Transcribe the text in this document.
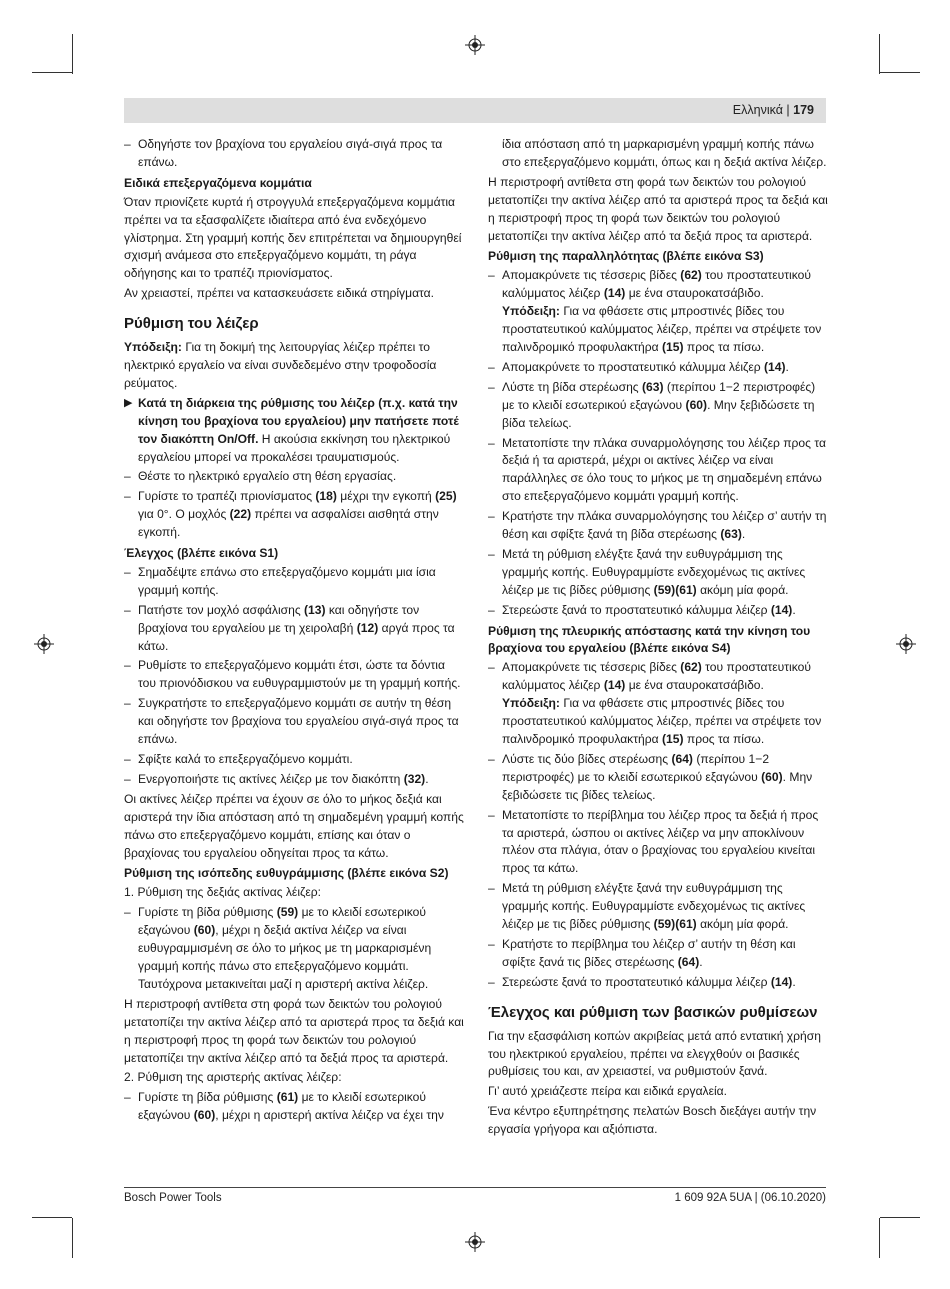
Ελληνικά | 179
– Οδηγήστε τον βραχίονα του εργαλείου σιγά-σιγά προς τα επάνω.
Ειδικά επεξεργαζόμενα κομμάτια

Όταν πριονίζετε κυρτά ή στρογγυλά επεξεργαζόμενα κομμάτια πρέπει να τα εξασφαλίζετε ιδιαίτερα από ένα ενδεχόμενο γλίστρημα. Στη γραμμή κοπής δεν επιτρέπεται να δημιουργηθεί σχισμή ανάμεσα στο επεξεργαζόμενο κομμάτι, τη ράγα οδήγησης και το τραπέζι πριονίσματος.

Αν χρειαστεί, πρέπει να κατασκευάσετε ειδικά στηρίγματα.

Ρύθμιση του λέιζερ

Υπόδειξη: Για τη δοκιμή της λειτουργίας λέιζερ πρέπει το ηλεκτρικό εργαλείο να είναι συνδεδεμένο στην τροφοδοσία ρεύματος.

▶ Κατά τη διάρκεια της ρύθμισης του λέιζερ (π.χ. κατά την κίνηση του βραχίονα του εργαλείου) μην πατήσετε ποτέ τον διακόπτη On/Off. Η ακούσια εκκίνηση του ηλεκτρικού εργαλείου μπορεί να προκαλέσει τραυματισμούς.
– Θέστε το ηλεκτρικό εργαλείο στη θέση εργασίας.
– Γυρίστε το τραπέζι πριονίσματος (18) μέχρι την εγκοπή (25) για 0°. Ο μοχλός (22) πρέπει να ασφαλίσει αισθητά στην εγκοπή.
Έλεγχος (βλέπε εικόνα S1)
– Σημαδέψτε επάνω στο επεξεργαζόμενο κομμάτι μια ίσια γραμμή κοπής.
– Πατήστε τον μοχλό ασφάλισης (13) και οδηγήστε τον βραχίονα του εργαλείου με τη χειρολαβή (12) αργά προς τα κάτω.
– Ρυθμίστε το επεξεργαζόμενο κομμάτι έτσι, ώστε τα δόντια του πριονόδισκου να ευθυγραμμιστούν με τη γραμμή κοπής.
– Συγκρατήστε το επεξεργαζόμενο κομμάτι σε αυτήν τη θέση και οδηγήστε τον βραχίονα του εργαλείου σιγά-σιγά προς τα επάνω.
– Σφίξτε καλά το επεξεργαζόμενο κομμάτι.
– Ενεργοποιήστε τις ακτίνες λέιζερ με τον διακόπτη (32).

Οι ακτίνες λέιζερ πρέπει να έχουν σε όλο το μήκος δεξιά και αριστερά την ίδια απόσταση από τη σημαδεμένη γραμμή κοπής πάνω στο επεξεργαζόμενο κομμάτι, επίσης και όταν ο βραχίονας του εργαλείου οδηγείται προς τα κάτω.

Ρύθμιση της ισόπεδης ευθυγράμμισης (βλέπε εικόνα S2)

1. Ρύθμιση της δεξιάς ακτίνας λέιζερ:

– Γυρίστε τη βίδα ρύθμισης (59) με το κλειδί εσωτερικού εξαγώνου (60), μέχρι η δεξιά ακτίνα λέιζερ να είναι ευθυγραμμισμένη σε όλο το μήκος με τη μαρκαρισμένη γραμμή κοπής πάνω στο επεξεργαζόμενο κομμάτι. Ταυτόχρονα μετακινείται μαζί η αριστερή ακτίνα λέιζερ.

Η περιστροφή αντίθετα στη φορά των δεικτών του ρολογιού μετατοπίζει την ακτίνα λέιζερ από τα αριστερά προς τα δεξιά και η περιστροφή προς τη φορά των δεικτών του ρολογιού μετατοπίζει την ακτίνα λέιζερ από τα δεξιά προς τα αριστερά.

2. Ρύθμιση της αριστερής ακτίνας λέιζερ:

– Γυρίστε τη βίδα ρύθμισης (61) με το κλειδί εσωτερικού εξαγώνου (60), μέχρι η αριστερή ακτίνα λέιζερ να έχει την

ίδια απόσταση από τη μαρκαρισμένη γραμμή κοπής πάνω στο επεξεργαζόμενο κομμάτι, όπως και η δεξιά ακτίνα λέιζερ.

Η περιστροφή αντίθετα στη φορά των δεικτών του ρολογιού μετατοπίζει την ακτίνα λέιζερ από τα αριστερά προς τα δεξιά και η περιστροφή προς τη φορά των δεικτών του ρολογιού μετατοπίζει την ακτίνα λέιζερ από τα δεξιά προς τα αριστερά.

Ρύθμιση της παραλληλότητας (βλέπε εικόνα S3)
– Απομακρύνετε τις τέσσερις βίδες (62) του προστατευτικού καλύμματος λέιζερ (14) με ένα σταυροκατσάβιδο.
Υπόδειξη: Για να φθάσετε στις μπροστινές βίδες του προστατευτικού καλύμματος λέιζερ, πρέπει να στρέψετε τον παλινδρομικό προφυλακτήρα (15) προς τα πίσω.
– Απομακρύνετε το προστατευτικό κάλυμμα λέιζερ (14).
– Λύστε τη βίδα στερέωσης (63) (περίπου 1−2 περιστροφές) με το κλειδί εσωτερικού εξαγώνου (60). Μην ξεβιδώσετε τη βίδα τελείως.
– Μετατοπίστε την πλάκα συναρμολόγησης του λέιζερ προς τα δεξιά ή τα αριστερά, μέχρι οι ακτίνες λέιζερ να είναι παράλληλες σε όλο τους το μήκος με τη σημαδεμένη επάνω στο επεξεργαζόμενο κομμάτι γραμμή κοπής.
– Κρατήστε την πλάκα συναρμολόγησης του λέιζερ σ’ αυτήν τη θέση και σφίξτε ξανά τη βίδα στερέωσης (63).
– Μετά τη ρύθμιση ελέγξτε ξανά την ευθυγράμμιση της γραμμής κοπής. Ευθυγραμμίστε ενδεχομένως τις ακτίνες λέιζερ με τις βίδες ρύθμισης (59)(61) ακόμη μία φορά.
– Στερεώστε ξανά το προστατευτικό κάλυμμα λέιζερ (14).
Ρύθμιση της πλευρικής απόστασης κατά την κίνηση του βραχίονα του εργαλείου (βλέπε εικόνα S4)
– Απομακρύνετε τις τέσσερις βίδες (62) του προστατευτικού καλύμματος λέιζερ (14) με ένα σταυροκατσάβιδο.
Υπόδειξη: Για να φθάσετε στις μπροστινές βίδες του προστατευτικού καλύμματος λέιζερ, πρέπει να στρέψετε τον παλινδρομικό προφυλακτήρα (15) προς τα πίσω.
– Λύστε τις δύο βίδες στερέωσης (64) (περίπου 1−2 περιστροφές) με το κλειδί εσωτερικού εξαγώνου (60). Μην ξεβιδώσετε τις βίδες τελείως.
– Μετατοπίστε το περίβλημα του λέιζερ προς τα δεξιά ή προς τα αριστερά, ώσπου οι ακτίνες λέιζερ να μην αποκλίνουν πλέον στα πλάγια, όταν ο βραχίονας του εργαλείου κινείται προς τα κάτω.
– Μετά τη ρύθμιση ελέγξτε ξανά την ευθυγράμμιση της γραμμής κοπής. Ευθυγραμμίστε ενδεχομένως τις ακτίνες λέιζερ με τις βίδες ρύθμισης (59)(61) ακόμη μία φορά.
– Κρατήστε το περίβλημα του λέιζερ σ’ αυτήν τη θέση και σφίξτε ξανά τις βίδες στερέωσης (64).
– Στερεώστε ξανά το προστατευτικό κάλυμμα λέιζερ (14).
Έλεγχος και ρύθμιση των βασικών ρυθμίσεων

Για την εξασφάλιση κοπών ακριβείας μετά από εντατική χρήση του ηλεκτρικού εργαλείου, πρέπει να ελεγχθούν οι βασικές ρυθμίσεις του και, αν χρειαστεί, να ρυθμιστούν ξανά.

Γι’ αυτό χρειάζεστε πείρα και ειδικά εργαλεία.

Ένα κέντρο εξυπηρέτησης πελατών Bosch διεξάγει αυτήν την εργασία γρήγορα και αξιόπιστα.

Bosch Power Tools	1 609 92A 5UA | (06.10.2020)
